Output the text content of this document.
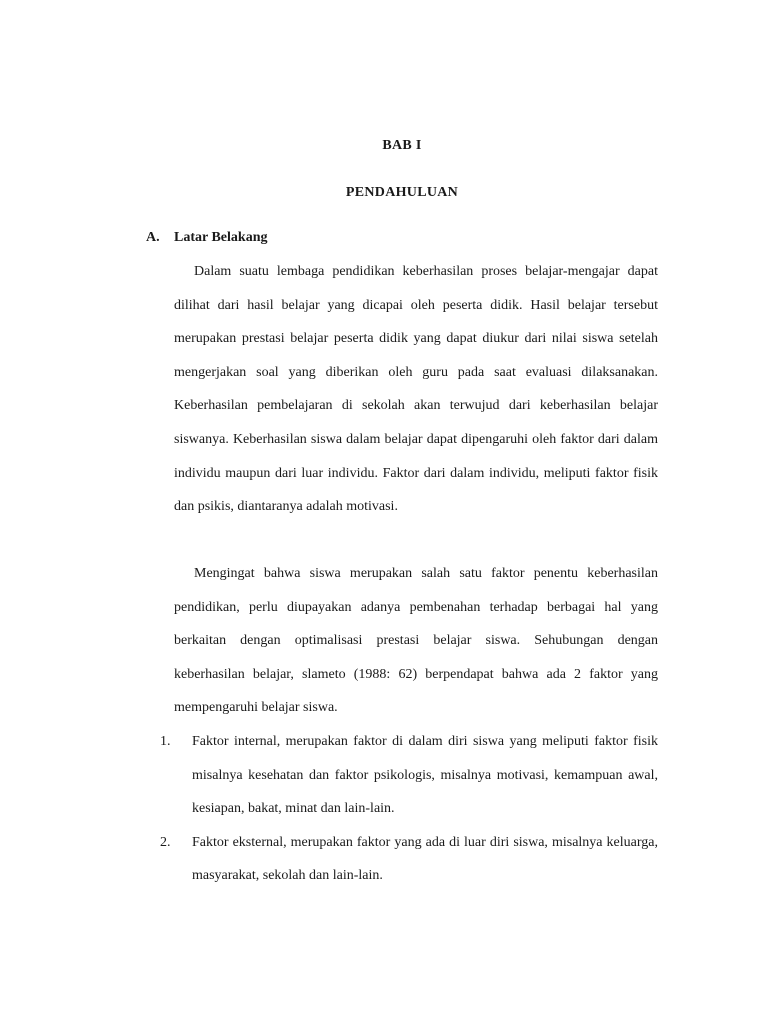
BAB I
PENDAHULUAN
A. Latar Belakang

Dalam suatu lembaga pendidikan keberhasilan proses belajar-mengajar dapat dilihat dari hasil belajar yang dicapai oleh peserta didik. Hasil belajar tersebut merupakan prestasi belajar peserta didik yang dapat diukur dari nilai siswa setelah mengerjakan soal yang diberikan oleh guru pada saat evaluasi dilaksanakan. Keberhasilan pembelajaran di sekolah akan terwujud dari keberhasilan belajar siswanya. Keberhasilan siswa dalam belajar dapat dipengaruhi oleh faktor dari dalam individu maupun dari luar individu. Faktor dari dalam individu, meliputi faktor fisik dan psikis, diantaranya adalah motivasi.

Mengingat bahwa siswa merupakan salah satu faktor penentu keberhasilan pendidikan, perlu diupayakan adanya pembenahan terhadap berbagai hal yang berkaitan dengan optimalisasi prestasi belajar siswa. Sehubungan dengan keberhasilan belajar, slameto (1988: 62) berpendapat bahwa ada 2 faktor yang mempengaruhi belajar siswa.

1.	Faktor internal, merupakan faktor di dalam diri siswa yang meliputi faktor fisik misalnya kesehatan dan faktor psikologis, misalnya motivasi, kemampuan awal, kesiapan, bakat, minat dan lain-lain.
2.	Faktor eksternal, merupakan faktor yang ada di luar diri siswa, misalnya keluarga, masyarakat, sekolah dan lain-lain.
